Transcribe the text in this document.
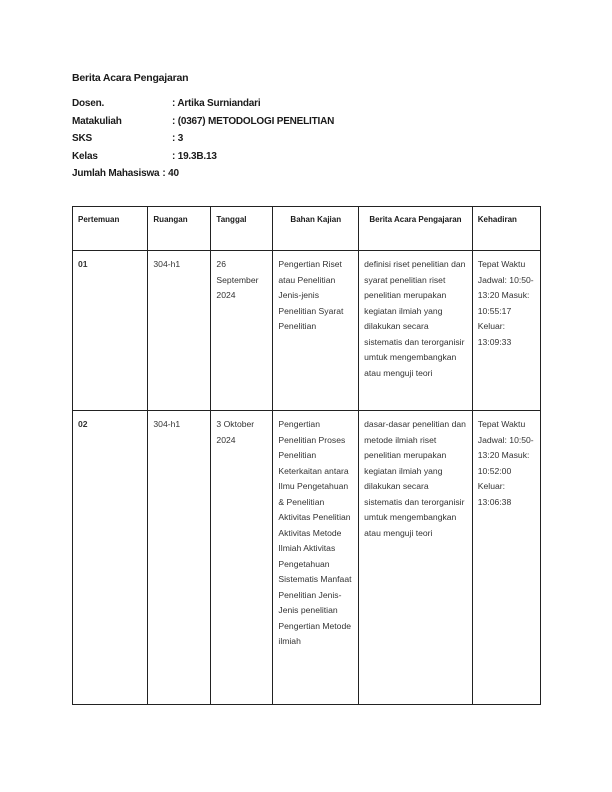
Berita Acara Pengajaran
Dosen.	: Artika Surniandari
Matakuliah	: (0367) METODOLOGI PENELITIAN
SKS	: 3
Kelas	: 19.3B.13
Jumlah Mahasiswa : 40
Pertemuan	Ruangan	Tanggal	Bahan Kajian	Berita Acara Pengajaran	Kehadiran
01	304-h1	26 September 2024	Pengertian Riset atau Penelitian Jenis-jenis Penelitian Syarat Penelitian	definisi riset penelitian dan syarat penelitian riset penelitian merupakan kegiatan ilmiah yang dilakukan secara sistematis dan terorganisir umtuk mengembangkan atau menguji teori	Tepat Waktu Jadwal: 10:50-13:20 Masuk: 10:55:17 Keluar: 13:09:33
02	304-h1	3 Oktober 2024	Pengertian Penelitian Proses Penelitian Keterkaitan antara Ilmu Pengetahuan & Penelitian Aktivitas Penelitian Aktivitas Metode Ilmiah Aktivitas Pengetahuan Sistematis Manfaat Penelitian Jenis-Jenis penelitian Pengertian Metode ilmiah	dasar-dasar penelitian dan metode ilmiah riset penelitian merupakan kegiatan ilmiah yang dilakukan secara sistematis dan terorganisir umtuk mengembangkan atau menguji teori	Tepat Waktu Jadwal: 10:50-13:20 Masuk: 10:52:00 Keluar: 13:06:38
